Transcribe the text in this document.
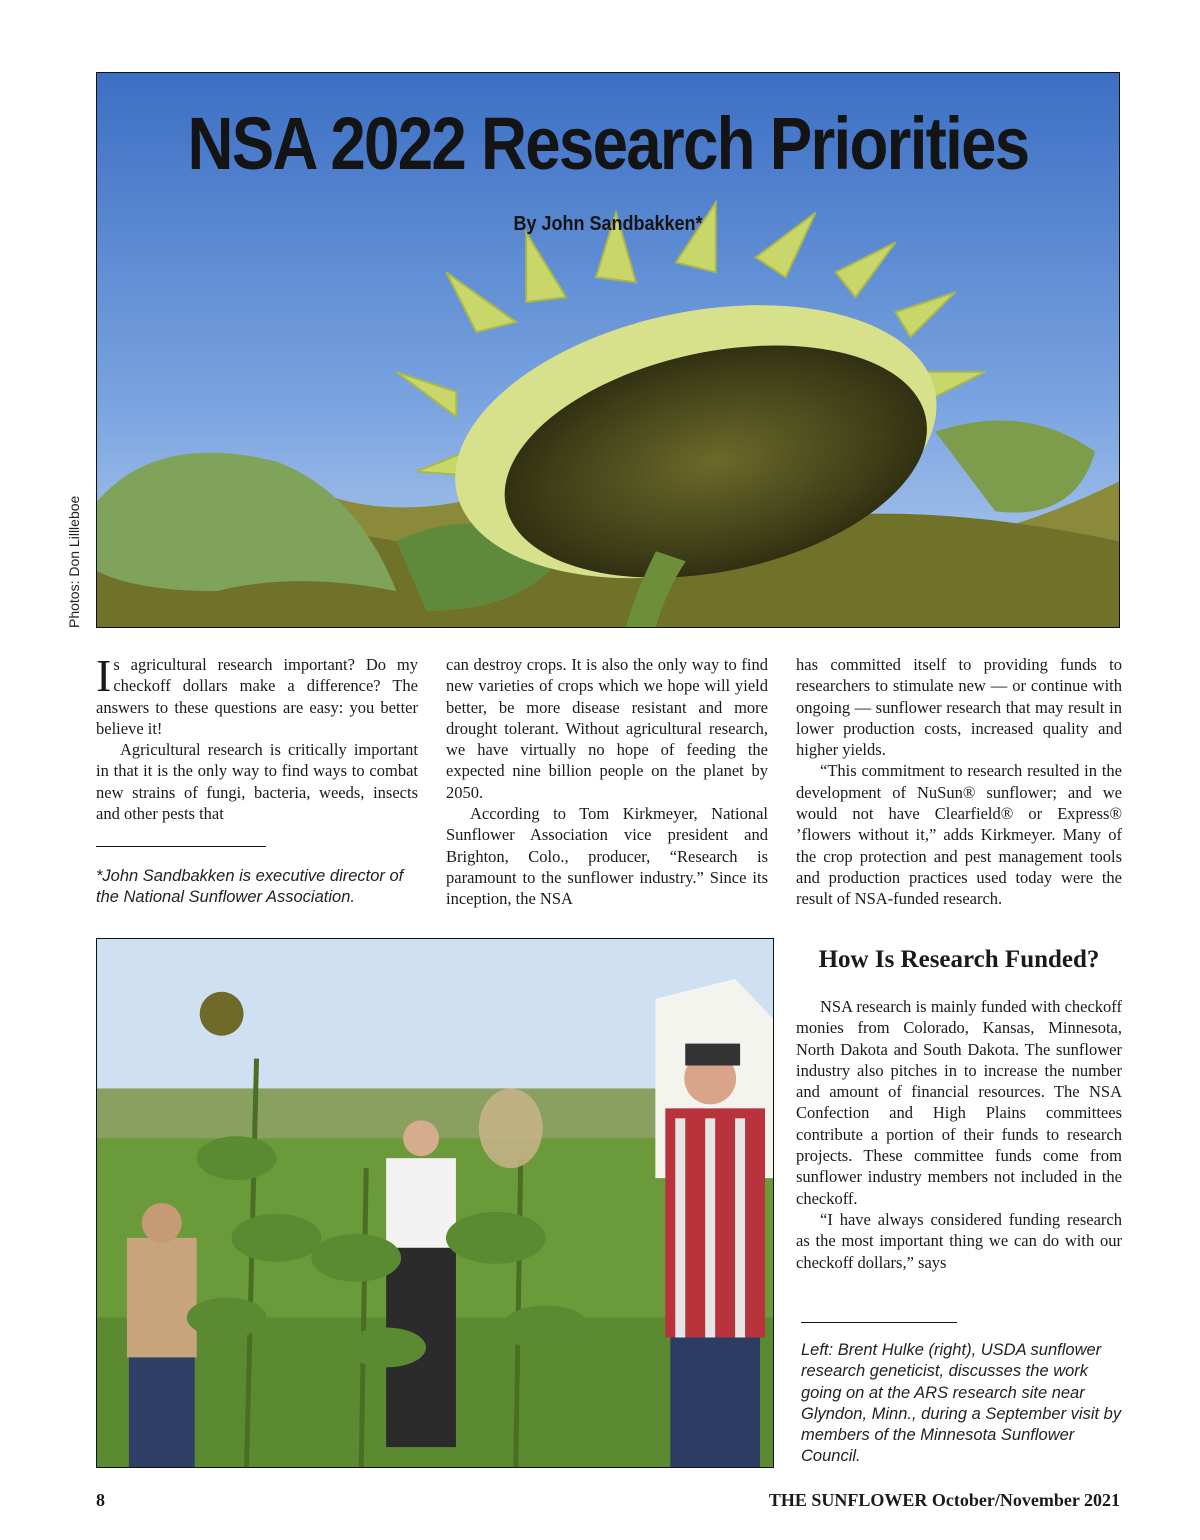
NSA 2022 Research Priorities
By John Sandbakken*
Photos: Don Lillleboe

Is agricultural research important? Do my checkoff dollars make a difference? The answers to these questions are easy: you better believe it!

Agricultural research is critically important in that it is the only way to find ways to combat new strains of fungi, bacteria, weeds, insects and other pests that

*John Sandbakken is executive director of the National Sunflower Association.

can destroy crops. It is also the only way to find new varieties of crops which we hope will yield better, be more disease resistant and more drought tolerant. Without agricultural research, we have virtually no hope of feeding the expected nine billion people on the planet by 2050.

According to Tom Kirkmeyer, National Sunflower Association vice president and Brighton, Colo., producer, “Research is paramount to the sunflower industry.” Since its inception, the NSA

has committed itself to providing funds to researchers to stimulate new — or continue with ongoing — sunflower research that may result in lower production costs, increased quality and higher yields.

“This commitment to research resulted in the development of NuSun® sunflower; and we would not have Clearfield® or Express® ’flowers without it,” adds Kirkmeyer. Many of the crop protection and pest management tools and production practices used today were the result of NSA-funded research.

How Is Research Funded?

NSA research is mainly funded with checkoff monies from Colorado, Kansas, Minnesota, North Dakota and South Dakota. The sunflower industry also pitches in to increase the number and amount of financial resources. The NSA Confection and High Plains committees contribute a portion of their funds to research projects. These committee funds come from sunflower industry members not included in the checkoff.

“I have always considered funding research as the most important thing we can do with our checkoff dollars,” says

Left: Brent Hulke (right), USDA sunflower research geneticist, discusses the work going on at the ARS research site near Glyndon, Minn., during a September visit by members of the Minnesota Sunflower Council.
8	THE SUNFLOWER October/November 2021
